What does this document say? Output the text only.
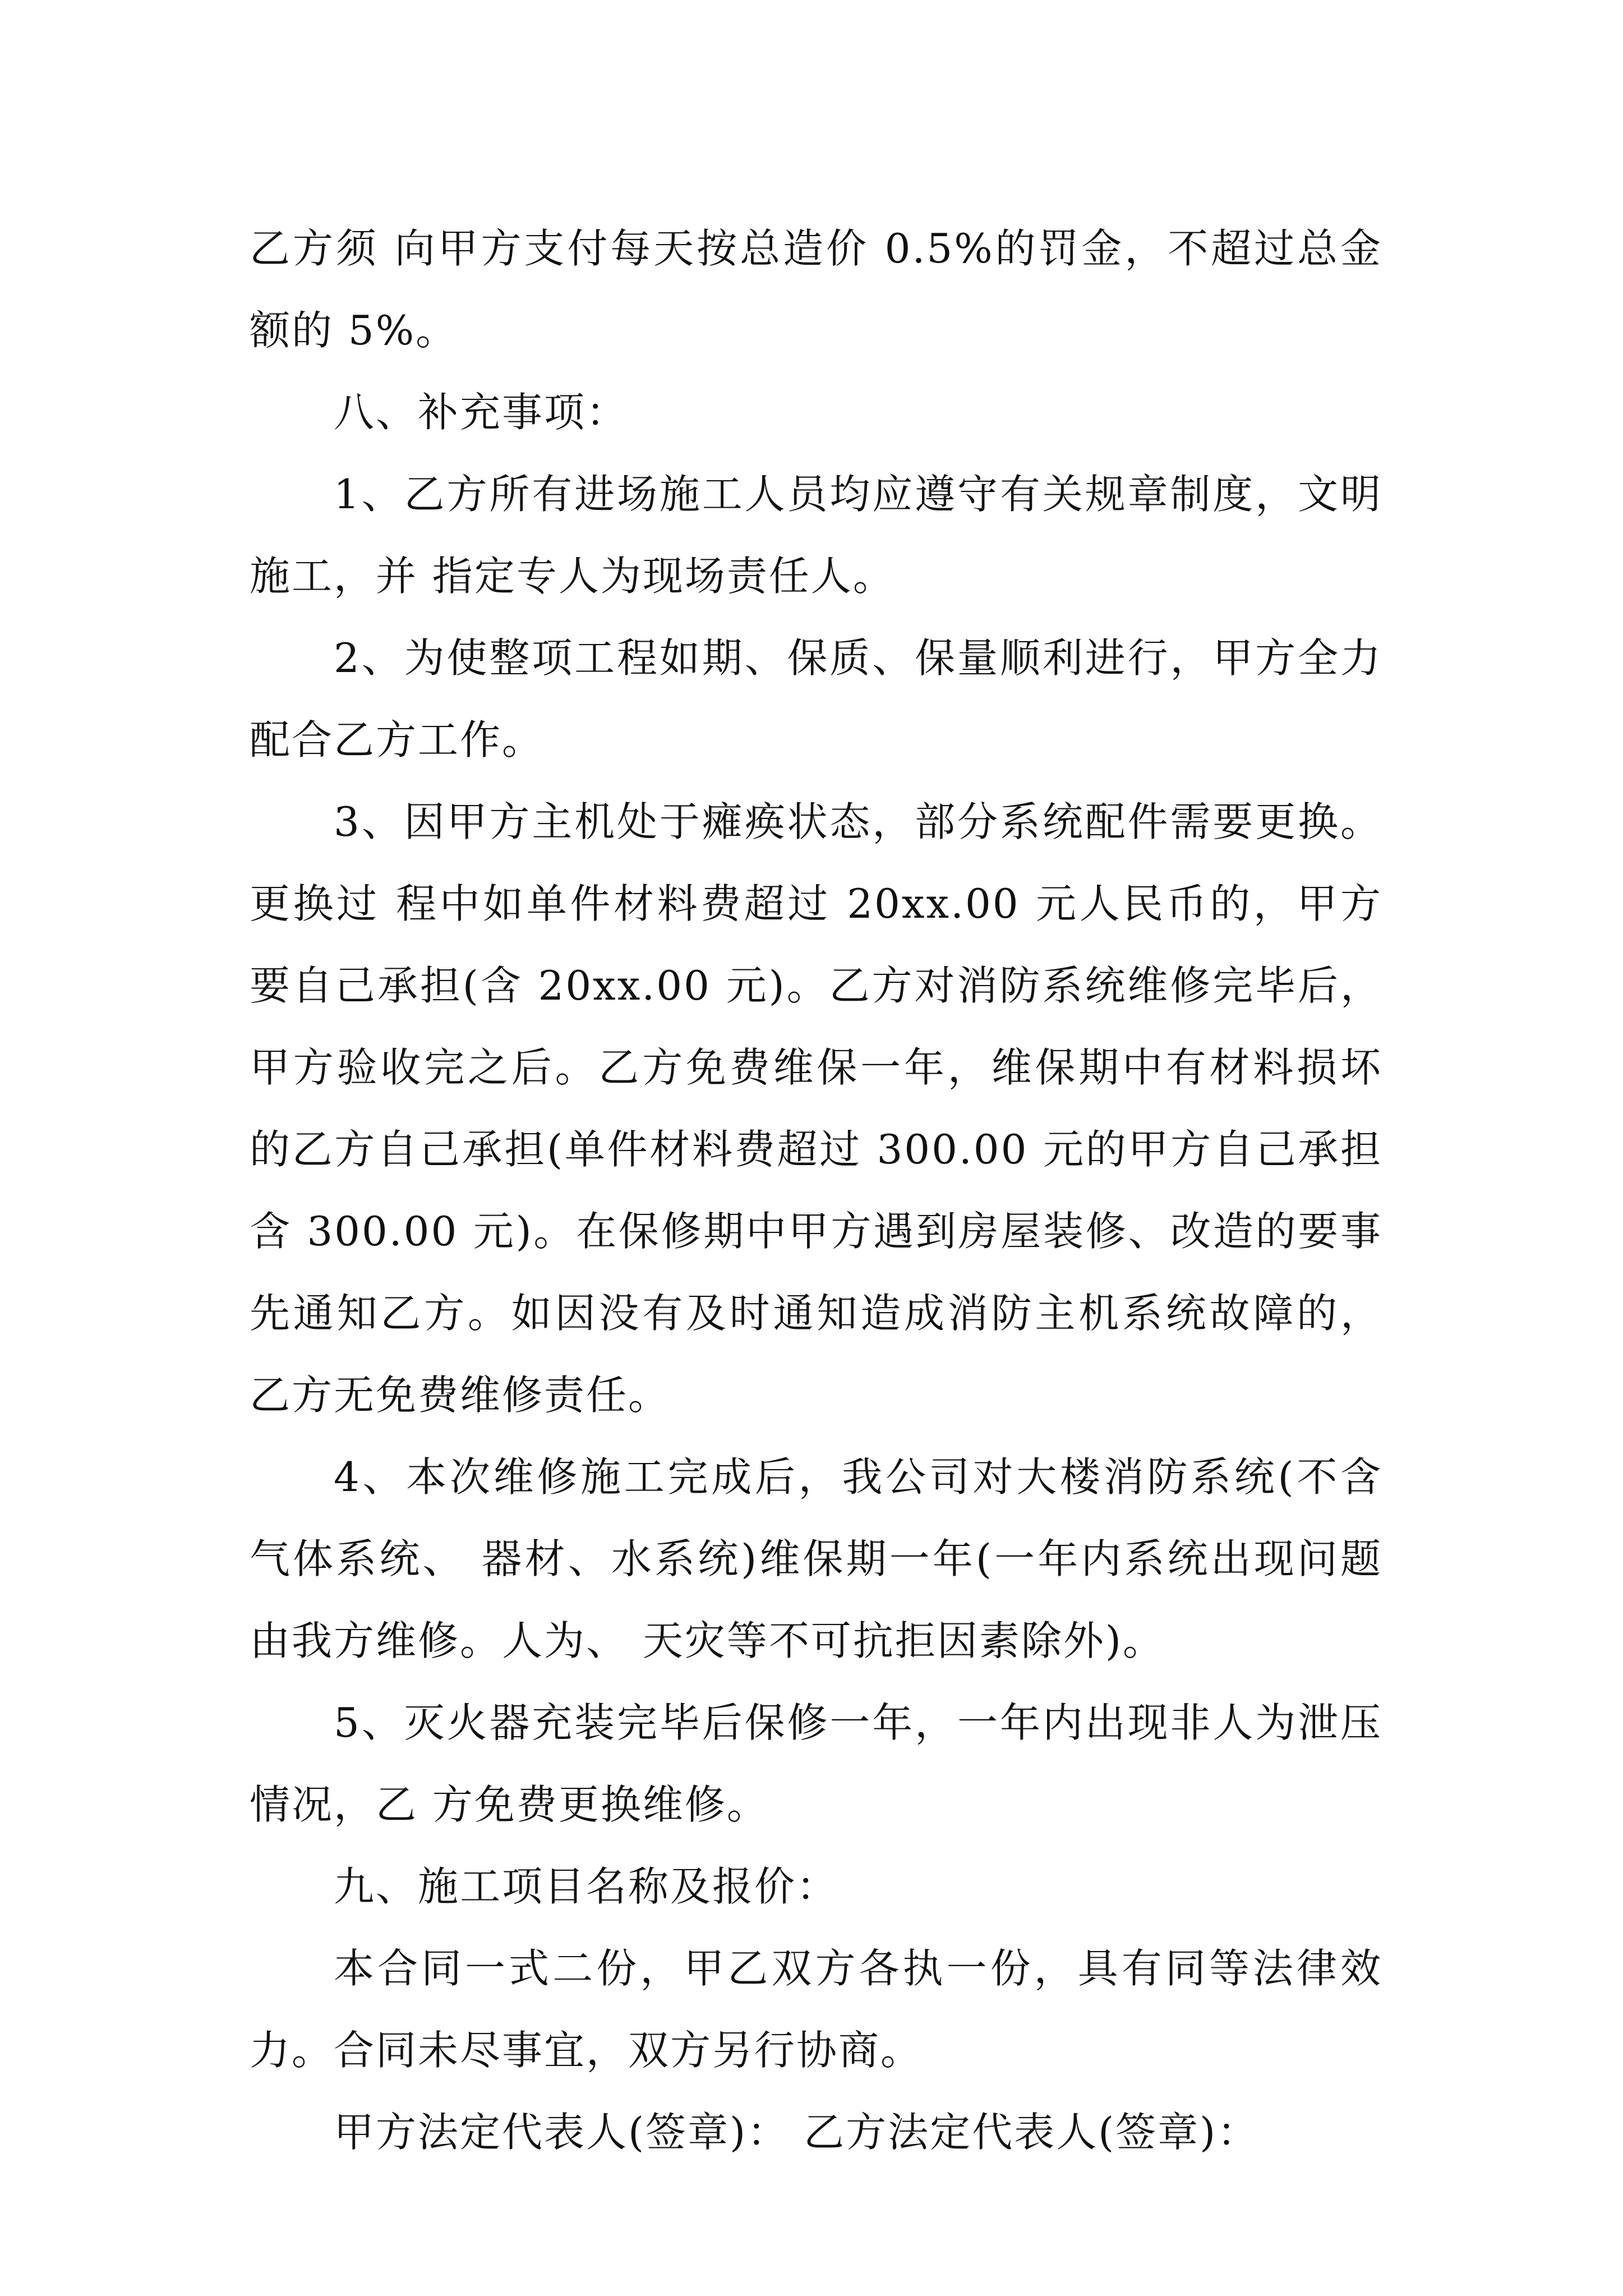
乙方须 向甲方支付每天按总造价 0.5%的罚金，不超过总金额的 5%。

八、补充事项：

1、乙方所有进场施工人员均应遵守有关规章制度，文明施工，并 指定专人为现场责任人。

2、为使整项工程如期、保质、保量顺利进行，甲方全力配合乙方工作。

3、因甲方主机处于瘫痪状态，部分系统配件需要更换。更换过 程中如单件材料费超过 20xx.00 元人民币的，甲方要自己承担(含 20xx.00 元)。乙方对消防系统维修完毕后，甲方验收完之后。乙方免费维保一年，维保期中有材料损坏的乙方自己承担(单件材料费超过 300.00 元的甲方自己承担含 300.00 元)。在保修期中甲方遇到房屋装修、改造的要事先通知乙方。如因没有及时通知造成消防主机系统故障的，乙方无免费维修责任。

4、本次维修施工完成后，我公司对大楼消防系统(不含气体系统、 器材、水系统)维保期一年(一年内系统出现问题由我方维修。人为、 天灾等不可抗拒因素除外)。

5、灭火器充装完毕后保修一年，一年内出现非人为泄压情况，乙 方免费更换维修。

九、施工项目名称及报价：

本合同一式二份，甲乙双方各执一份，具有同等法律效力。合同未尽事宜，双方另行协商。

甲方法定代表人(签章)： 乙方法定代表人(签章)：
